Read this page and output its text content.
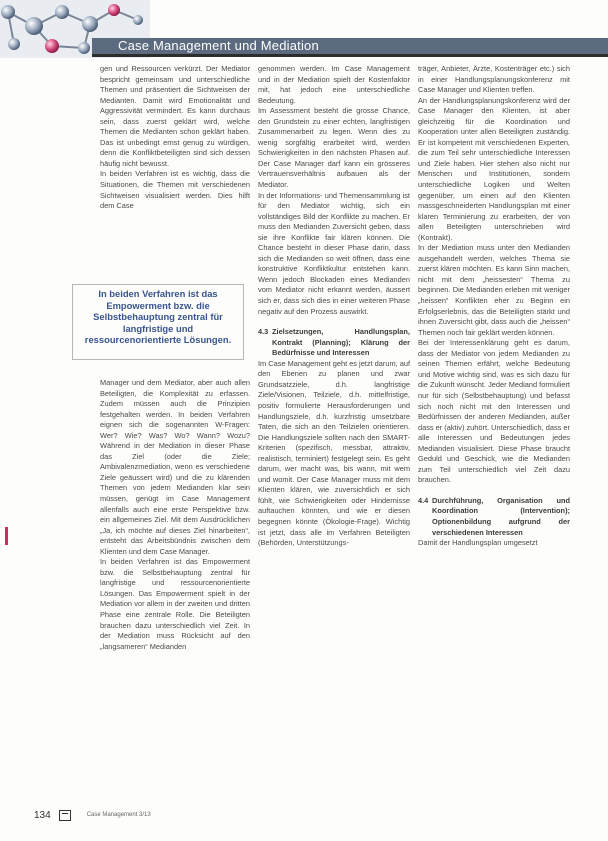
Case Management und Mediation

gen und Ressourcen verkürzt. Der Mediator bespricht gemeinsam und unterschiedliche Themen und präsentiert die Sichtweisen der Medianten. Damit wird Emotionalität und Aggressivität vermindert. Es kann durchaus sein, dass zuerst geklärt wird, welche Themen die Medianten schon geklärt haben. Das ist unbedingt ernst genug zu würdigen, denn die Konfliktbeteiligten sind sich dessen häufig nicht bewusst.

In beiden Verfahren ist es wichtig, dass die Situationen, die Themen mit verschiedenen Sichtweisen visualisiert werden. Dies hilft dem Case

In beiden Verfahren ist das Empowerment bzw. die Selbstbehauptung zentral für langfristige und ressourcenorientierte Lösungen.

Manager und dem Mediator, aber auch allen Beteiligten, die Komplexität zu erfassen. Zudem müssen auch die Prinzipien festgehalten werden. In beiden Verfahren eignen sich die sogenannten W-Fragen: Wer? Wie? Was? Wo? Wann? Wozu? Während in der Mediation in dieser Phase das Ziel (oder die Ziele; Ambivalenzmediation, wenn es verschiedene Ziele geäussert wird) und die zu klärenden Themen von jedem Medianden klar sein müssen, genügt im Case Management allenfalls auch eine erste Perspektive bzw. ein allgemeines Ziel. Mit dem Ausdrücklichen „Ja, ich möchte auf dieses Ziel hinarbeiten“, entsteht das Arbeitsbündnis zwischen dem Klienten und dem Case Manager.

In beiden Verfahren ist das Empowerment bzw. die Selbstbehauptung zentral für langfristige und ressourcenorientierte Lösungen. Das Empowerment spielt in der Mediation vor allem in der zweiten und dritten Phase eine zentrale Rolle. Die Beteiligten brauchen dazu unterschiedlich viel Zeit. In der Mediation muss Rücksicht auf den „langsameren“ Medianden

genommen werden. Im Case Management und in der Mediation spielt der Kostenfaktor mit, hat jedoch eine unterschiedliche Bedeutung.

Im Assessment besteht die grosse Chance, den Grundstein zu einer echten, langfristigen Zusammenarbeit zu legen. Wenn dies zu wenig sorgfältig erarbeitet wird, werden Schwierigkeiten in den nächsten Phasen auf. Der Case Manager darf kann ein grösseres Vertrauensverhältnis aufbauen als der Mediator.

In der Informations- und Themensammlung ist für den Mediator wichtig, sich ein vollständiges Bild der Konflikte zu machen. Er muss den Medianden Zuversicht geben, dass sie ihre Konflikte fair klären können. Die Chance besteht in dieser Phase darin, dass sich die Medianden so weit öffnen, dass eine konstruktive Konfliktkultur entstehen kann. Wenn jedoch Blockaden eines Medianden vom Mediator nicht erkannt werden, äussert sich er, dass sich dies in einer weiteren Phase negativ auf den Prozess auswirkt.

4.3 Zielsetzungen, Handlungsplan, Kontrakt (Planning); Klärung der Bedürfnisse und Interessen

Im Case Management geht es jetzt darum, auf den Ebenen zu planen und zwar Grundsatzziele, d.h. langfristige Ziele/Visionen, Teilziele, d.h. mittelfristige, positiv formulierte Herausforderungen und Handlungsziele, d.h. kurzfristig umsetzbare Taten, die sich an den Teilzielen orientieren. Die Handlungsziele sollten nach den SMART-Kriterien (spezifisch, messbar, attraktiv, realistisch, terminiert) festgelegt sein. Es geht darum, wer macht was, bis wann, mit wem und womit. Der Case Manager muss mit dem Klienten klären, wie zuversichtlich er sich fühlt, wie Schwierigkeiten oder Hindernisse auftauchen könnten, und wie er diesen begegnen könnte (Ökologie-Frage). Wichtig ist jetzt, dass alle im Verfahren Beteiligten (Behörden, Unterstützungs-

träger, Anbieter, Ärzte, Kostenträger etc.) sich in einer Handlungsplanungskonferenz mit Case Manager und Klienten treffen.

An der Handlungsplanungskonferenz wird der Case Manager den Klienten, ist aber gleichzeitig für die Koordination und Kooperation unter allen Beteiligten zuständig. Er ist kompetent mit verschiedenen Experten, die zum Teil sehr unterschiedliche Interessen und Ziele haben. Hier stehen also nicht nur Menschen und Institutionen, sondern unterschiedliche Logiken und Welten gegenüber, um einen auf den Klienten massgeschneiderten Handlungsplan mit einer klaren Terminierung zu erarbeiten, der von allen Beteiligten unterschrieben wird (Kontrakt).

In der Mediation muss unter den Medianden ausgehandelt werden, welches Thema sie zuerst klären möchten. Es kann Sinn machen, nicht mit dem „heissesten“ Thema zu beginnen. Die Medianden erleben mit weniger „heissen“ Konflikten eher zu Beginn ein Erfolgserlebnis, das die Beteiligten stärkt und ihnen Zuversicht gibt, dass auch die „heissen“ Themen noch fair geklärt werden können.

Bei der Interessenklärung geht es darum, dass der Mediator von jedem Medianden zu seinen Themen erfährt, welche Bedeutung und Motive wichtig sind, was es sich dazu für die Zukunft wünscht. Jeder Mediand formuliert nur für sich (Selbstbehauptung) und befasst sich noch nicht mit den Interessen und Bedürfnissen der anderen Medianden, außer dass er (aktiv) zuhört. Unterschiedlich, dass er alle Interessen und Bedeutungen jedes Medianden visualisiert. Diese Phase braucht Geduld und Geschick, wie die Medianden zum Teil unterschiedlich viel Zeit dazu brauchen.

4.4 Durchführung, Organisation und Koordination (Intervention); Optionenbildung aufgrund der verschiedenen Interessen

Damit der Handlungsplan umgesetzt

134	Case Management 3/13
